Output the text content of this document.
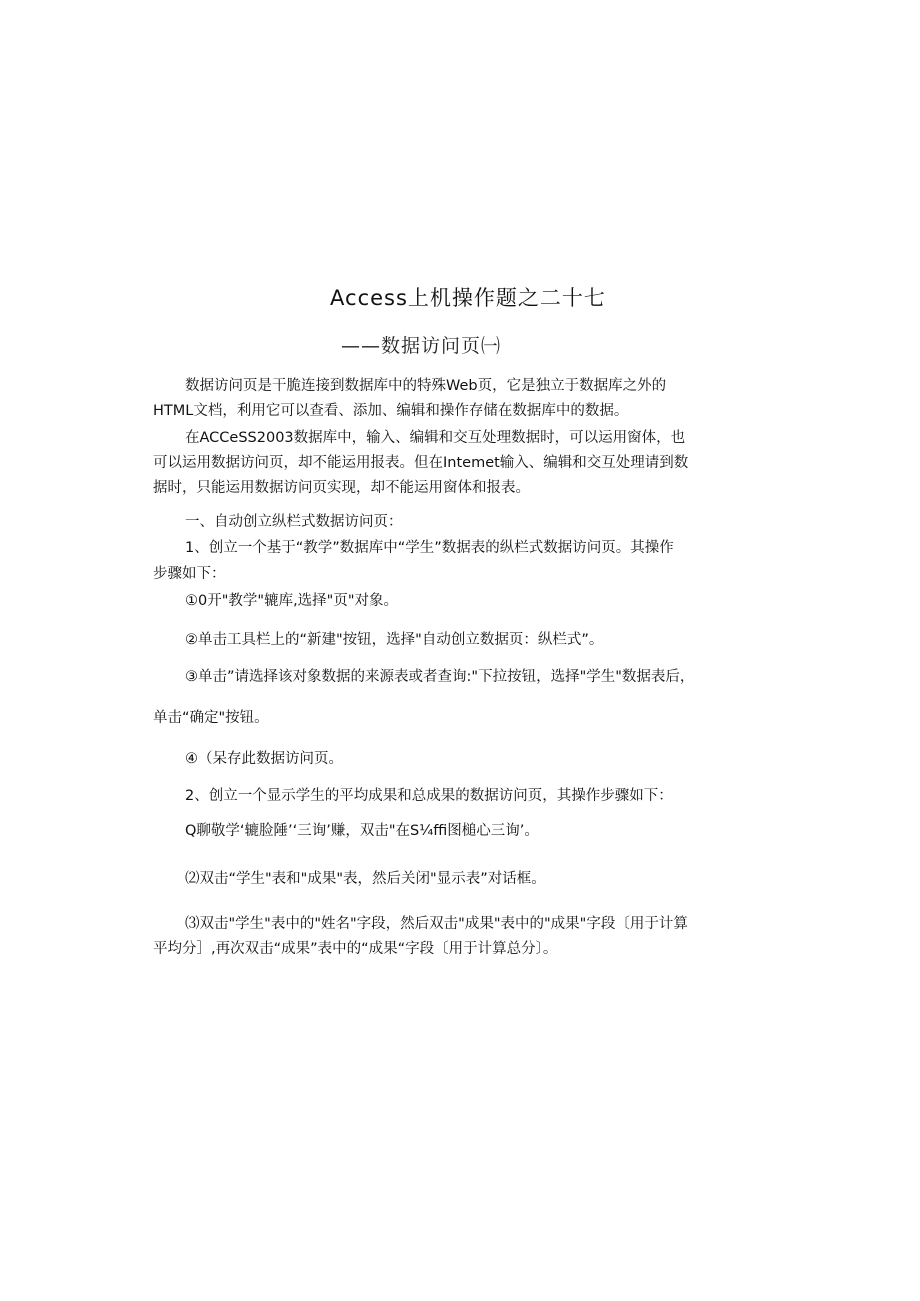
Access上机操作题之二十七
——数据访问页㈠
数据访问页是干脆连接到数据库中的特殊Web页，它是独立于数据库之外的
HTML文档，利用它可以查看、添加、编辑和操作存储在数据库中的数据。
在ACCeSS2003数据库中，输入、编辑和交互处理数据时，可以运用窗体，也
可以运用数据访问页，却不能运用报表。但在Intemet输入、编辑和交互处理请到数
据时，只能运用数据访问页实现，却不能运用窗体和报表。
一、自动创立纵栏式数据访问页：
1、创立一个基于“教学”数据库中“学生”数据表的纵栏式数据访问页。其操作
步骤如下：
①0开"教学"辘库,选择"页"对象。
②单击工具栏上的“新建"按钮，选择"自动创立数据页：纵栏式”。
③单击”请选择该对象数据的来源表或者查询:"下拉按钮，选择"学生"数据表后，
单击“确定"按钮。
④（呆存此数据访问页。
2、创立一个显示学生的平均成果和总成果的数据访问页，其操作步骤如下：
Q聊敬学‘辘脸陲’‘三询’赚，双击"在S¼ffi图槌心三询’。
⑵双击“学生"表和"成果"表，然后关闭"显示表”对话框。
⑶双击"学生"表中的"姓名"字段，然后双击"成果"表中的"成果"字段〔用于计算
平均分］,再次双击“成果”表中的“成果“字段〔用于计算总分〕。
